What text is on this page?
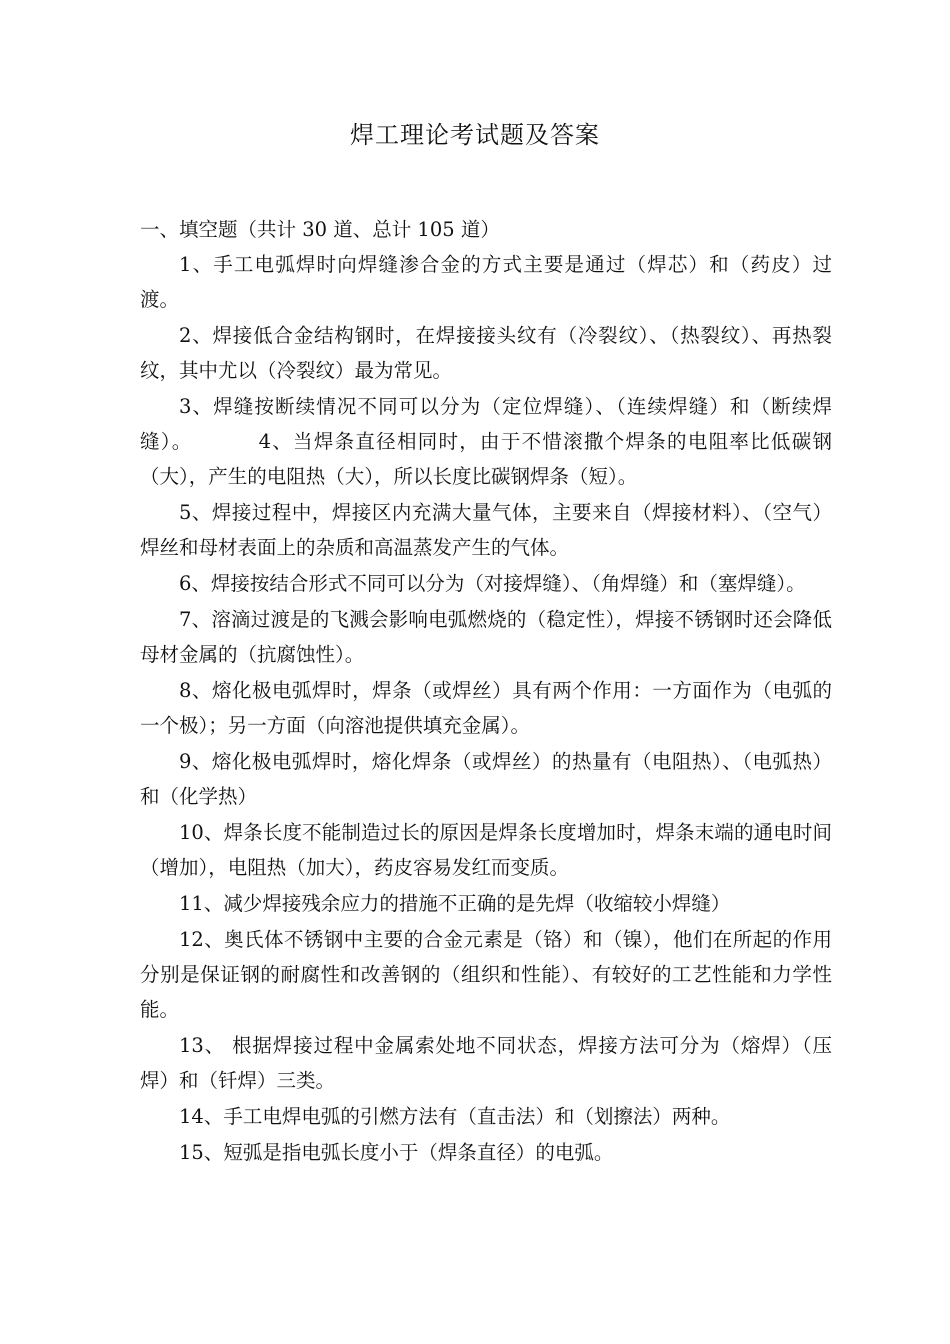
焊工理论考试题及答案

一、填空题（共计 30 道、总计 105 道）

1、手工电弧焊时向焊缝渗合金的方式主要是通过（焊芯）和（药皮）过渡。

2、焊接低合金结构钢时，在焊接接头纹有（冷裂纹）、（热裂纹）、再热裂纹，其中尤以（冷裂纹）最为常见。

3、焊缝按断续情况不同可以分为（定位焊缝）、（连续焊缝）和（断续焊缝）。	4、当焊条直径相同时，由于不惜滚撒个焊条的电阻率比低碳钢（大），产生的电阻热（大），所以长度比碳钢焊条（短）。

5、焊接过程中，焊接区内充满大量气体，主要来自（焊接材料）、（空气）焊丝和母材表面上的杂质和高温蒸发产生的气体。

6、焊接按结合形式不同可以分为（对接焊缝）、（角焊缝）和（塞焊缝）。

7、溶滴过渡是的飞溅会影响电弧燃烧的（稳定性），焊接不锈钢时还会降低母材金属的（抗腐蚀性）。

8、熔化极电弧焊时，焊条（或焊丝）具有两个作用：一方面作为（电弧的一个极）；另一方面（向溶池提供填充金属）。

9、熔化极电弧焊时，熔化焊条（或焊丝）的热量有（电阻热）、（电弧热）和（化学热）

10、焊条长度不能制造过长的原因是焊条长度增加时，焊条末端的通电时间（增加），电阻热（加大），药皮容易发红而变质。

11、减少焊接残余应力的措施不正确的是先焊（收缩较小焊缝）

12、奥氏体不锈钢中主要的合金元素是（铬）和（镍），他们在所起的作用分别是保证钢的耐腐性和改善钢的（组织和性能）、有较好的工艺性能和力学性能。

13、 根据焊接过程中金属索处地不同状态，焊接方法可分为（熔焊）（压焊）和（钎焊）三类。

14、手工电焊电弧的引燃方法有（直击法）和（划擦法）两种。

15、短弧是指电弧长度小于（焊条直径）的电弧。
